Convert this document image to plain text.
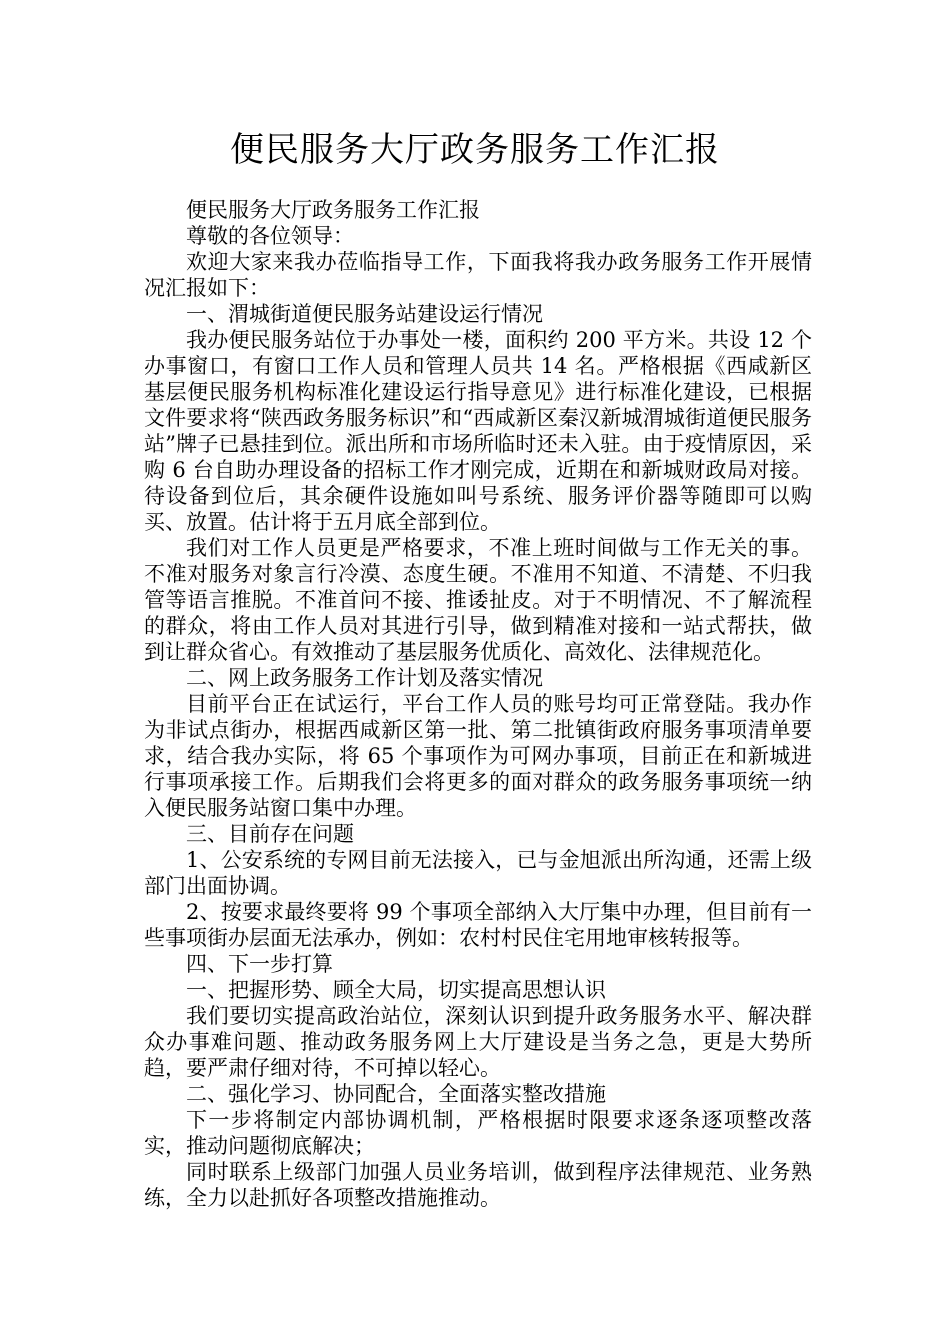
便民服务大厅政务服务工作汇报

便民服务大厅政务服务工作汇报

尊敬的各位领导：

欢迎大家来我办莅临指导工作，下面我将我办政务服务工作开展情况汇报如下：

一、渭城街道便民服务站建设运行情况

我办便民服务站位于办事处一楼，面积约 200 平方米。共设 12 个办事窗口，有窗口工作人员和管理人员共 14 名。严格根据《西咸新区基层便民服务机构标准化建设运行指导意见》进行标准化建设，已根据文件要求将“陕西政务服务标识”和“西咸新区秦汉新城渭城街道便民服务站”牌子已悬挂到位。派出所和市场所临时还未入驻。由于疫情原因，采购 6 台自助办理设备的招标工作才刚完成，近期在和新城财政局对接。待设备到位后，其余硬件设施如叫号系统、服务评价器等随即可以购买、放置。估计将于五月底全部到位。

我们对工作人员更是严格要求，不准上班时间做与工作无关的事。不准对服务对象言行冷漠、态度生硬。不准用不知道、不清楚、不归我管等语言推脱。不准首问不接、推诿扯皮。对于不明情况、不了解流程的群众，将由工作人员对其进行引导，做到精准对接和一站式帮扶，做到让群众省心。有效推动了基层服务优质化、高效化、法律规范化。

二、网上政务服务工作计划及落实情况

目前平台正在试运行，平台工作人员的账号均可正常登陆。我办作为非试点街办，根据西咸新区第一批、第二批镇街政府服务事项清单要求，结合我办实际，将 65 个事项作为可网办事项，目前正在和新城进行事项承接工作。后期我们会将更多的面对群众的政务服务事项统一纳入便民服务站窗口集中办理。

三、目前存在问题

1、公安系统的专网目前无法接入，已与金旭派出所沟通，还需上级部门出面协调。

2、按要求最终要将 99 个事项全部纳入大厅集中办理，但目前有一些事项街办层面无法承办，例如：农村村民住宅用地审核转报等。

四、下一步打算

一、把握形势、顾全大局，切实提高思想认识

我们要切实提高政治站位，深刻认识到提升政务服务水平、解决群众办事难问题、推动政务服务网上大厅建设是当务之急，更是大势所趋，要严肃仔细对待，不可掉以轻心。

二、强化学习、协同配合，全面落实整改措施

下一步将制定内部协调机制，严格根据时限要求逐条逐项整改落实，推动问题彻底解决；

同时联系上级部门加强人员业务培训，做到程序法律规范、业务熟练，全力以赴抓好各项整改措施推动。
